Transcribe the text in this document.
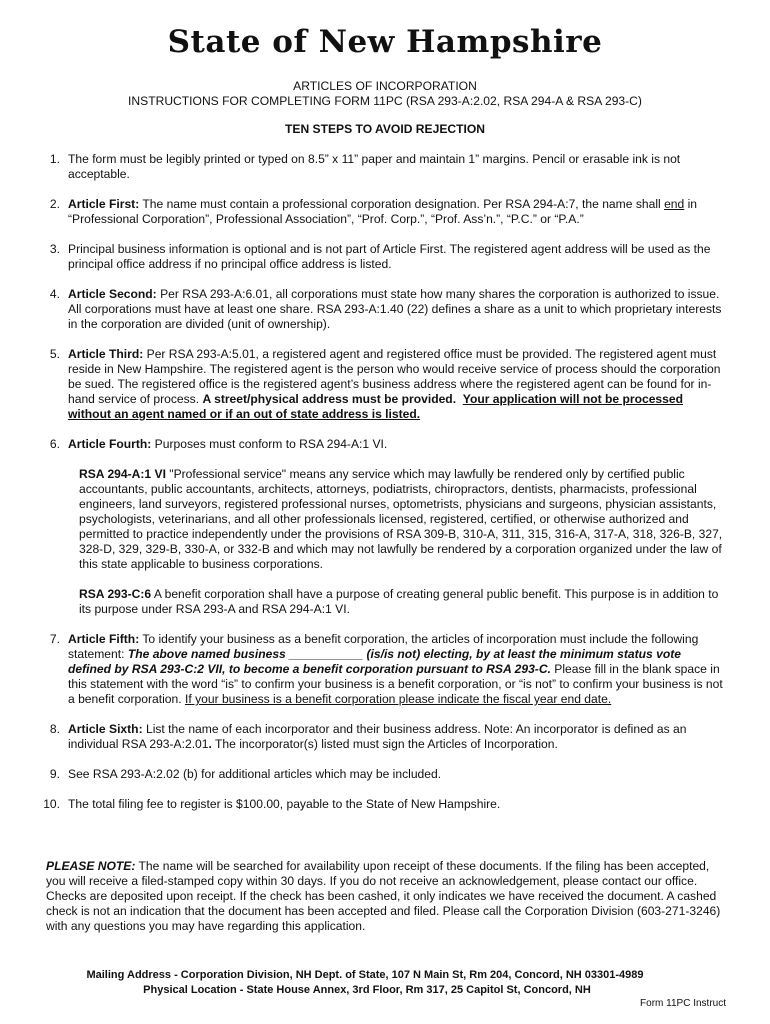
State of New Hampshire
ARTICLES OF INCORPORATION
INSTRUCTIONS FOR COMPLETING FORM 11PC (RSA 293-A:2.02, RSA 294-A & RSA 293-C)
TEN STEPS TO AVOID REJECTION
1. The form must be legibly printed or typed on 8.5” x 11” paper and maintain 1” margins. Pencil or erasable ink is not acceptable.
2. Article First: The name must contain a professional corporation designation. Per RSA 294-A:7, the name shall end in “Professional Corporation”, Professional Association”, “Prof. Corp.”, “Prof. Ass’n.”, “P.C.” or “P.A.”
3. Principal business information is optional and is not part of Article First. The registered agent address will be used as the principal office address if no principal office address is listed.
4. Article Second: Per RSA 293-A:6.01, all corporations must state how many shares the corporation is authorized to issue. All corporations must have at least one share. RSA 293-A:1.40 (22) defines a share as a unit to which proprietary interests in the corporation are divided (unit of ownership).
5. Article Third: Per RSA 293-A:5.01, a registered agent and registered office must be provided. The registered agent must reside in New Hampshire. The registered agent is the person who would receive service of process should the corporation be sued. The registered office is the registered agent’s business address where the registered agent can be found for in-hand service of process. A street/physical address must be provided. Your application will not be processed without an agent named or if an out of state address is listed.
6. Article Fourth: Purposes must conform to RSA 294-A:1 VI.
RSA 294-A:1 VI "Professional service" means any service which may lawfully be rendered only by certified public accountants, public accountants, architects, attorneys, podiatrists, chiropractors, dentists, pharmacists, professional engineers, land surveyors, registered professional nurses, optometrists, physicians and surgeons, physician assistants, psychologists, veterinarians, and all other professionals licensed, registered, certified, or otherwise authorized and permitted to practice independently under the provisions of RSA 309-B, 310-A, 311, 315, 316-A, 317-A, 318, 326-B, 327, 328-D, 329, 329-B, 330-A, or 332-B and which may not lawfully be rendered by a corporation organized under the law of this state applicable to business corporations.
RSA 293-C:6 A benefit corporation shall have a purpose of creating general public benefit. This purpose is in addition to its purpose under RSA 293-A and RSA 294-A:1 VI.
7. Article Fifth: To identify your business as a benefit corporation, the articles of incorporation must include the following statement: The above named business ___________ (is/is not) electing, by at least the minimum status vote defined by RSA 293-C:2 VII, to become a benefit corporation pursuant to RSA 293-C. Please fill in the blank space in this statement with the word “is” to confirm your business is a benefit corporation, or “is not” to confirm your business is not a benefit corporation. If your business is a benefit corporation please indicate the fiscal year end date.
8. Article Sixth: List the name of each incorporator and their business address. Note: An incorporator is defined as an individual RSA 293-A:2.01. The incorporator(s) listed must sign the Articles of Incorporation.
9. See RSA 293-A:2.02 (b) for additional articles which may be included.
10. The total filing fee to register is $100.00, payable to the State of New Hampshire.
PLEASE NOTE: The name will be searched for availability upon receipt of these documents. If the filing has been accepted, you will receive a filed-stamped copy within 30 days. If you do not receive an acknowledgement, please contact our office. Checks are deposited upon receipt. If the check has been cashed, it only indicates we have received the document. A cashed check is not an indication that the document has been accepted and filed. Please call the Corporation Division (603-271-3246) with any questions you may have regarding this application.
Mailing Address - Corporation Division, NH Dept. of State, 107 N Main St, Rm 204, Concord, NH 03301-4989
Physical Location - State House Annex, 3rd Floor, Rm 317, 25 Capitol St, Concord, NH
Form 11PC Instruct
